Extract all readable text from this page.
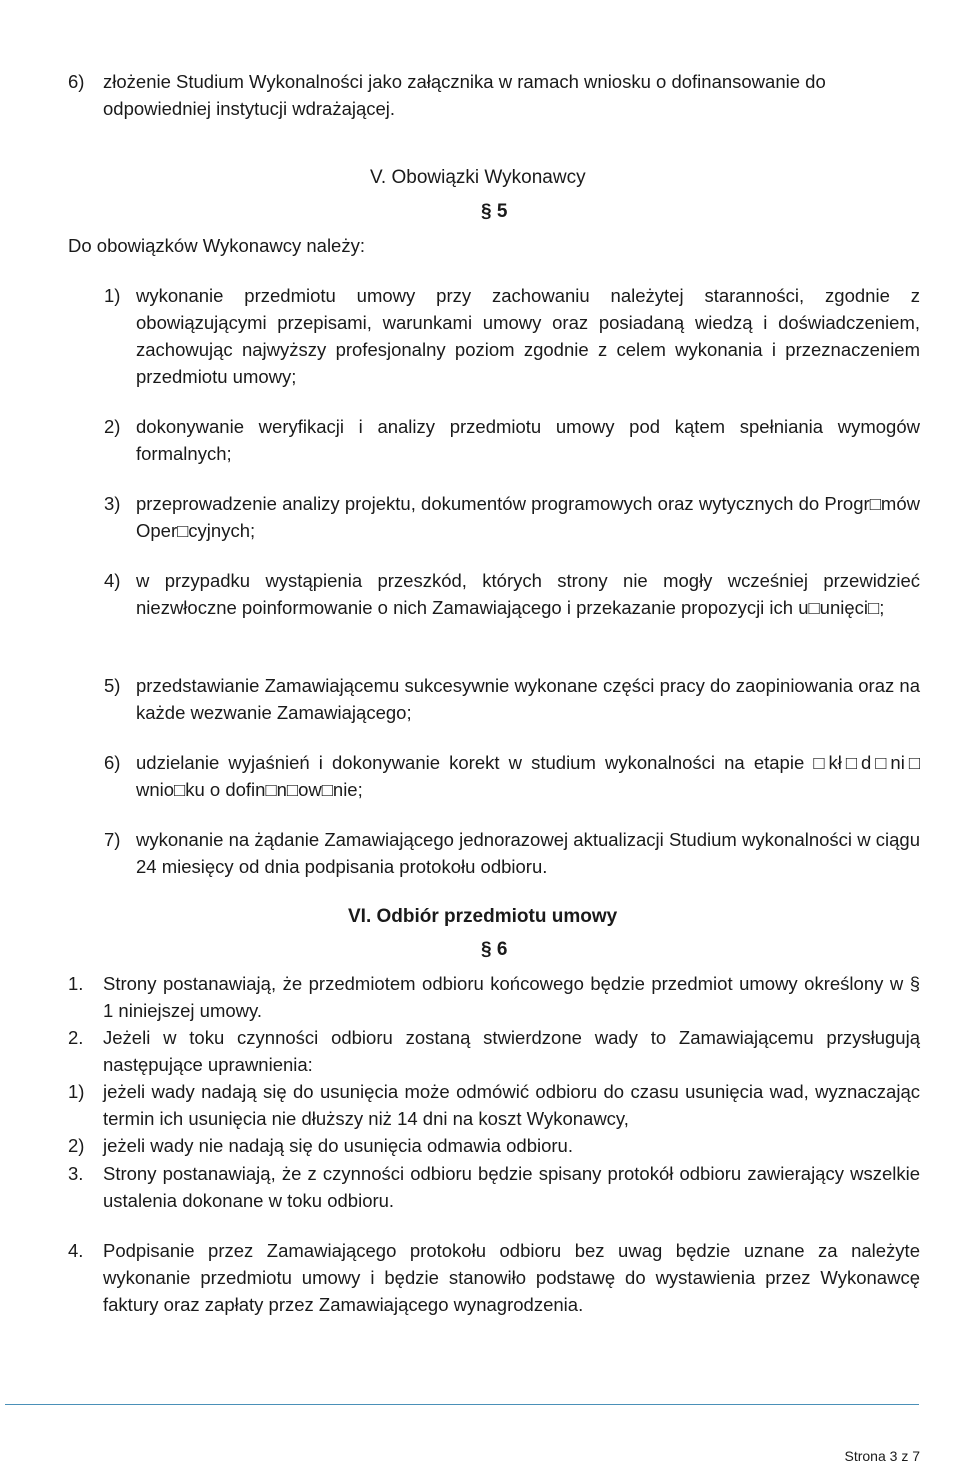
6) złożenie Studium Wykonalności jako załącznika w ramach wniosku o dofinansowanie do odpowiedniej instytucji wdrażającej.
V. Obowiązki Wykonawcy
§ 5
Do obowiązków Wykonawcy należy:
1) wykonanie przedmiotu umowy przy zachowaniu należytej staranności, zgodnie z obowiązującymi przepisami, warunkami umowy oraz posiadaną wiedzą i doświadczeniem, zachowując najwyższy profesjonalny poziom zgodnie z celem wykonania i przeznaczeniem przedmiotu umowy;
2) dokonywanie weryfikacji i analizy przedmiotu umowy pod kątem spełniania wymogów formalnych;
3) przeprowadzenie analizy projektu, dokumentów programowych oraz wytycznych do Progr□mów Oper□cyjnych;
4) w przypadku wystąpienia przeszkód, których strony nie mogły wcześniej przewidzieć niezwłoczne poinformowanie o nich Zamawiającego i przekazanie propozycji ich u□unięci□;
5) przedstawianie Zamawiającemu sukcesywnie wykonane części pracy do zaopiniowania oraz na każde wezwanie Zamawiającego;
6) udzielanie wyjaśnień i dokonywanie korekt w studium wykonalności na etapie □kł□d□ni□ wnio□ku o dofin□n□ow□nie;
7) wykonanie na żądanie Zamawiającego jednorazowej aktualizacji Studium wykonalności w ciągu 24 miesięcy od dnia podpisania protokołu odbioru.
VI. Odbiór przedmiotu umowy
§ 6
1. Strony postanawiają, że przedmiotem odbioru końcowego będzie przedmiot umowy określony w § 1 niniejszej umowy.
2. Jeżeli w toku czynności odbioru zostaną stwierdzone wady to Zamawiającemu przysługują następujące uprawnienia:
1) jeżeli wady nadają się do usunięcia może odmówić odbioru do czasu usunięcia wad, wyznaczając termin ich usunięcia nie dłuższy niż 14 dni na koszt Wykonawcy,
2) jeżeli wady nie nadają się do usunięcia odmawia odbioru.
3. Strony postanawiają, że z czynności odbioru będzie spisany protokół odbioru zawierający wszelkie ustalenia dokonane w toku odbioru.
4. Podpisanie przez Zamawiającego protokołu odbioru bez uwag będzie uznane za należyte wykonanie przedmiotu umowy i będzie stanowiło podstawę do wystawienia przez Wykonawcę faktury oraz zapłaty przez Zamawiającego wynagrodzenia.
Strona 3 z 7
